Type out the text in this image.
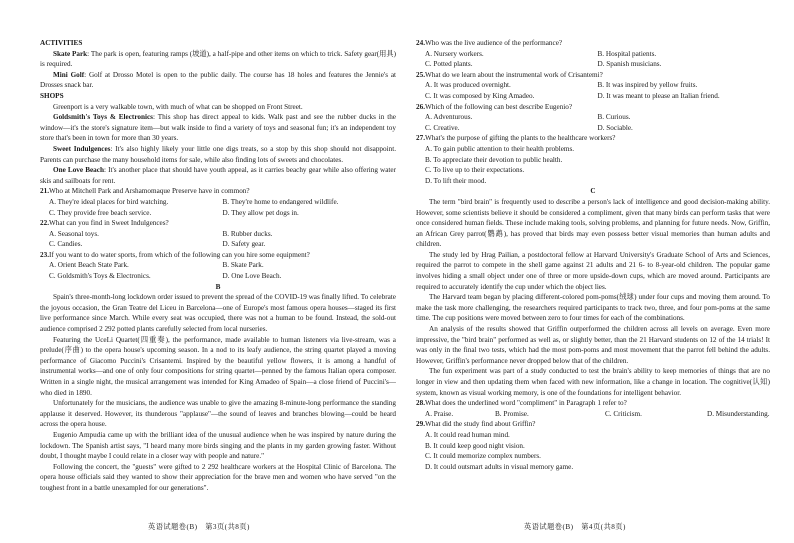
ACTIVITIES

Skate Park: The park is open, featuring ramps (坡道), a half-pipe and other items on which to trick. Safety gear(用具) is required.

Mini Golf: Golf at Drosso Motel is open to the public daily. The course has 18 holes and features the Jennie's at Drosses snack bar.

SHOPS

Greenport is a very walkable town, with much of what can be shopped on Front Street.

Goldsmith's Toys & Electronics: This shop has direct appeal to kids. Walk past and see the rubber ducks in the window—it's the store's signature item—but walk inside to find a variety of toys and seasonal fun; it's an independent toy store that's been in town for more than 30 years.

Sweet Indulgences: It's also highly likely your little one digs treats, so a stop by this shop should not disappoint. Parents can purchase the many household items for sale, while also finding lots of sweets and chocolates.

One Love Beach: It's another place that should have youth appeal, as it carries beachy gear while also offering water skis and sailboats for rent.

21.Who at Mitchell Park and Arshamomaque Preserve have in common?

A. They're ideal places for bird watching.	B. They're home to endangered wildlife.
C. They provide free beach service.	D. They allow pet dogs in.

22.What can you find in Sweet Indulgences?

A. Seasonal toys.	B. Rubber ducks.
C. Candies.	D. Safety gear.

23.If you want to do water sports, from which of the following can you hire some equipment?

A. Orient Beach State Park.	B. Skate Park.
C. Goldsmith's Toys & Electronics.	D. One Love Beach.

B

Spain's three-month-long lockdown order issued to prevent the spread of the COVID-19 was finally lifted. To celebrate the joyous occasion, the Gran Teatre del Liceu in Barcelona—one of Europe's most famous opera houses—staged its first live performance since March. While every seat was occupied, there was not a human to be found. Instead, the sold-out audience comprised 2 292 potted plants carefully selected from local nurseries.

Featuring the UceLi Quartet(四重奏), the performance, made available to human listeners via live-stream, was a prelude(序曲) to the opera house's upcoming season. In a nod to its leafy audience, the string quartet played a moving performance of Giacomo Puccini's Crisantemi. Inspired by the beautiful yellow flowers, it is among a handful of instrumental works—and one of only four compositions for string quartet—penned by the famous Italian opera composer. Written in a single night, the musical arrangement was intended for King Amadeo of Spain—a close friend of Puccini's—who died in 1890.

Unfortunately for the musicians, the audience was unable to give the amazing 8-minute-long performance the standing applause it deserved. However, its thunderous "applause"—the sound of leaves and branches blowing—could be heard across the opera house.

Eugenio Ampudia came up with the brilliant idea of the unusual audience when he was inspired by nature during the lockdown. The Spanish artist says, "I heard many more birds singing and the plants in my garden growing faster. Without doubt, I thought maybe I could relate in a closer way with people and nature."

Following the concert, the "guests" were gifted to 2 292 healthcare workers at the Hospital Clinic of Barcelona. The opera house officials said they wanted to show their appreciation for the brave men and women who have served "on the toughest front in a battle unexampled for our generations".

24.Who was the live audience of the performance?

A. Nursery workers.	B. Hospital patients.
C. Potted plants.	D. Spanish musicians.

25.What do we learn about the instrumental work of Crisantemi?

A. It was produced overnight.	B. It was inspired by yellow fruits.
C. It was composed by King Amadeo.	D. It was meant to please an Italian friend.

26.Which of the following can best describe Eugenio?

A. Adventurous.	B. Curious.
C. Creative.	D. Sociable.

27.What's the purpose of gifting the plants to the healthcare workers?

A. To gain public attention to their health problems.

B. To appreciate their devotion to public health.

C. To live up to their expectations.

D. To lift their mood.

C

The term "bird brain" is frequently used to describe a person's lack of intelligence and good decision-making ability. However, some scientists believe it should be considered a compliment, given that many birds can perform tasks that were once considered human fields. These include making tools, solving problems, and planning for future needs. Now, Griffin, an African Grey parrot(鹦鹉), has proved that birds may even possess better visual memories than human adults and children.

The study led by Hrag Pailian, a postdoctoral fellow at Harvard University's Graduate School of Arts and Sciences, required the parrot to compete in the shell game against 21 adults and 21 6- to 8-year-old children. The popular game involves hiding a small object under one of three or more upside-down cups, which are moved around. Participants are required to accurately identify the cup under which the object lies.

The Harvard team began by placing different-colored pom-poms(绒球) under four cups and moving them around. To make the task more challenging, the researchers required participants to track two, three, and four pom-poms at the same time. The cup positions were moved between zero to four times for each of the combinations.

An analysis of the results showed that Griffin outperformed the children across all levels on average. Even more impressive, the "bird brain" performed as well as, or slightly better, than the 21 Harvard students on 12 of the 14 trials! It was only in the final two tests, which had the most pom-poms and most movement that the parrot fell behind the adults. However, Griffin's performance never dropped below that of the children.

The fun experiment was part of a study conducted to test the brain's ability to keep memories of things that are no longer in view and then updating them when faced with new information, like a change in location. The cognitive(认知) system, known as visual working memory, is one of the foundations for intelligent behavior.

28.What does the underlined word "compliment" in Paragraph 1 refer to?

A. Praise.	B. Promise.	C. Criticism.	D. Misunderstanding.

29.What did the study find about Griffin?

A. It could read human mind.

B. It could keep good night vision.

C. It could memorize complex numbers.

D. It could outsmart adults in visual memory game.

英语试题卷(B)　第3页(共8页)	英语试题卷(B)　第4页(共8页)
